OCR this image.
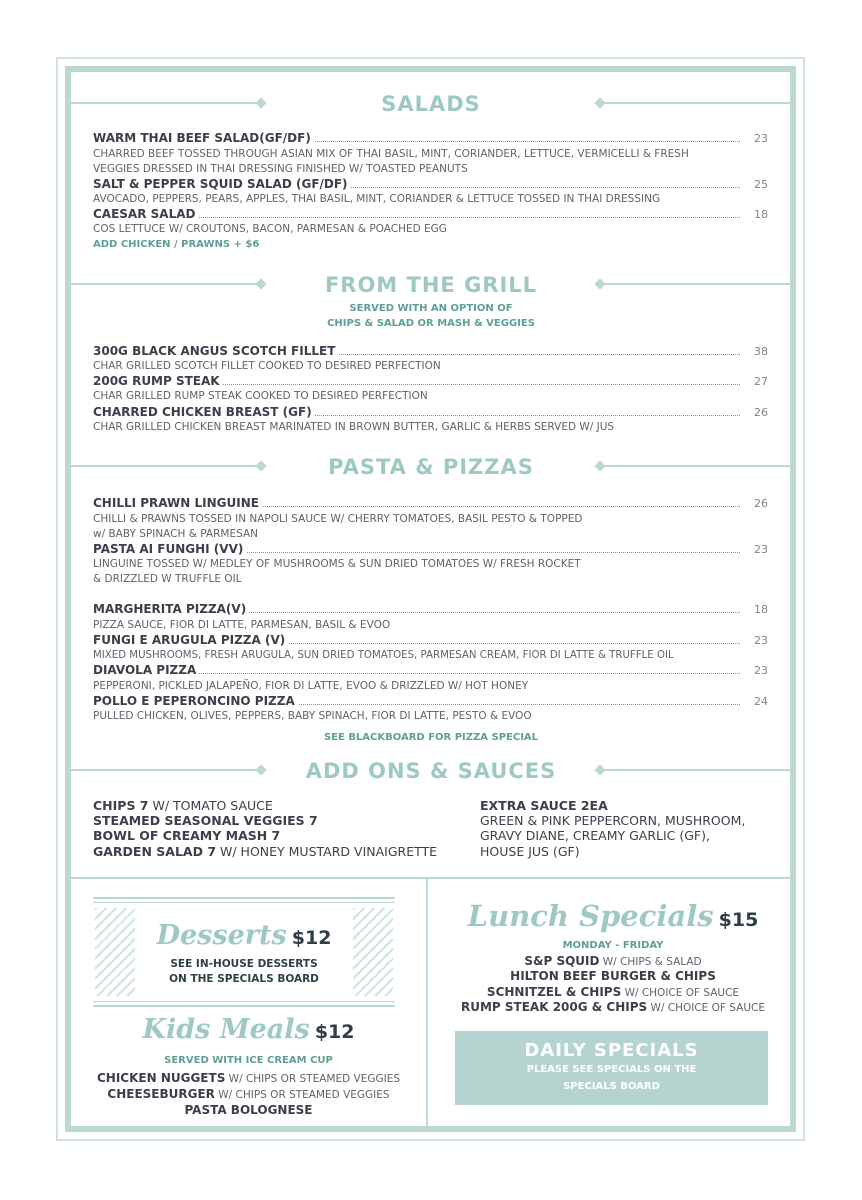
SALADS
WARM THAI BEEF SALAD(GF/DF)	23
CHARRED BEEF TOSSED THROUGH ASIAN MIX OF THAI BASIL, MINT, CORIANDER, LETTUCE, VERMICELLI & FRESH
VEGGIES DRESSED IN THAI DRESSING FINISHED W/ TOASTED PEANUTS
SALT & PEPPER SQUID SALAD (GF/DF)	25
AVOCADO, PEPPERS, PEARS, APPLES, THAI BASIL, MINT, CORIANDER & LETTUCE TOSSED IN THAI DRESSING
CAESAR SALAD	18
COS LETTUCE W/ CROUTONS, BACON, PARMESAN & POACHED EGG
ADD CHICKEN / PRAWNS + $6
FROM THE GRILL
SERVED WITH AN OPTION OF
CHIPS & SALAD OR MASH & VEGGIES
300G BLACK ANGUS SCOTCH FILLET	38
CHAR GRILLED SCOTCH FILLET COOKED TO DESIRED PERFECTION
200G RUMP STEAK	27
CHAR GRILLED RUMP STEAK COOKED TO DESIRED PERFECTION
CHARRED CHICKEN BREAST (GF)	26
CHAR GRILLED CHICKEN BREAST MARINATED IN BROWN BUTTER, GARLIC & HERBS SERVED W/ JUS
PASTA & PIZZAS
CHILLI PRAWN LINGUINE	26
CHILLI & PRAWNS TOSSED IN NAPOLI SAUCE W/ CHERRY TOMATOES, BASIL PESTO & TOPPED
w/ BABY SPINACH & PARMESAN
PASTA AI FUNGHI (VV)	23
LINGUINE TOSSED W/ MEDLEY OF MUSHROOMS & SUN DRIED TOMATOES W/ FRESH ROCKET
& DRIZZLED W TRUFFLE OIL
MARGHERITA PIZZA(V)	18
PIZZA SAUCE, FIOR DI LATTE, PARMESAN, BASIL & EVOO
FUNGI E ARUGULA PIZZA (V)	23
MIXED MUSHROOMS, FRESH ARUGULA, SUN DRIED TOMATOES, PARMESAN CREAM, FIOR DI LATTE & TRUFFLE OIL
DIAVOLA PIZZA	23
PEPPERONI, PICKLED JALAPEÑO, FIOR DI LATTE, EVOO & DRIZZLED W/ HOT HONEY
POLLO E PEPERONCINO PIZZA	24
PULLED CHICKEN, OLIVES, PEPPERS, BABY SPINACH, FIOR DI LATTE, PESTO & EVOO
SEE BLACKBOARD FOR PIZZA SPECIAL
ADD ONS & SAUCES
CHIPS 7 W/ TOMATO SAUCE
STEAMED SEASONAL VEGGIES 7
BOWL OF CREAMY MASH 7
GARDEN SALAD 7 W/ HONEY MUSTARD VINAIGRETTE
EXTRA SAUCE 2EA
GREEN & PINK PEPPERCORN, MUSHROOM,
GRAVY DIANE, CREAMY GARLIC (GF),
HOUSE JUS (GF)
Desserts $12
SEE IN-HOUSE DESSERTS
ON THE SPECIALS BOARD
Kids Meals $12
SERVED WITH ICE CREAM CUP
CHICKEN NUGGETS W/ CHIPS OR STEAMED VEGGIES
CHEESEBURGER W/ CHIPS OR STEAMED VEGGIES
PASTA BOLOGNESE
Lunch Specials $15
MONDAY - FRIDAY
S&P SQUID W/ CHIPS & SALAD
HILTON BEEF BURGER & CHIPS
SCHNITZEL & CHIPS W/ CHOICE OF SAUCE
RUMP STEAK 200G & CHIPS W/ CHOICE OF SAUCE
DAILY SPECIALS
PLEASE SEE SPECIALS ON THE
SPECIALS BOARD
